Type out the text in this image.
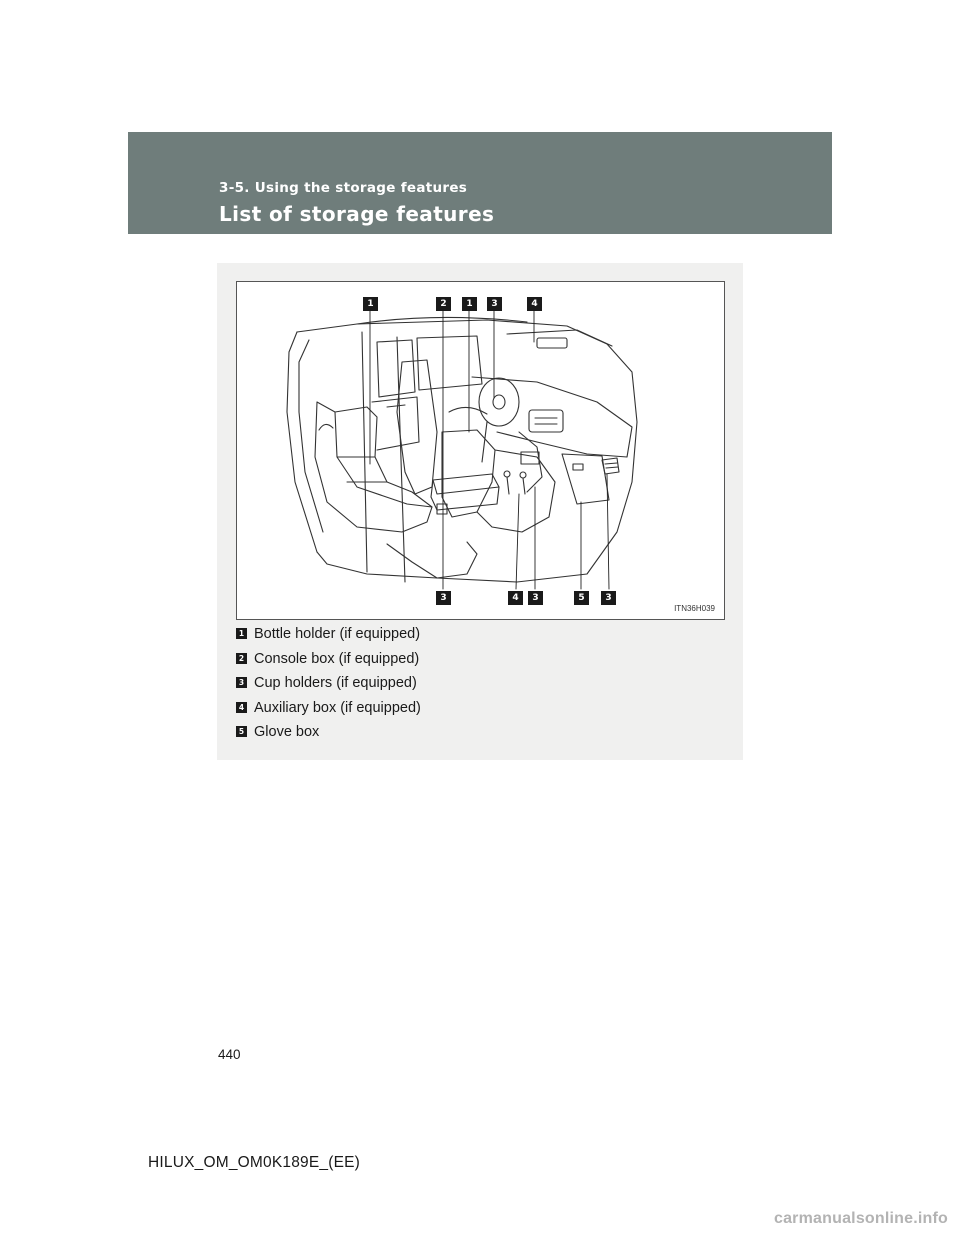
3-5. Using the storage features
List of storage features
1	2	1	3	4
3	4	3	5	3
ITN36H039
1 Bottle holder (if equipped)
2 Console box (if equipped)
3 Cup holders (if equipped)
4 Auxiliary box (if equipped)
5 Glove box
440
HILUX_OM_OM0K189E_(EE)
carmanualsonline.info
